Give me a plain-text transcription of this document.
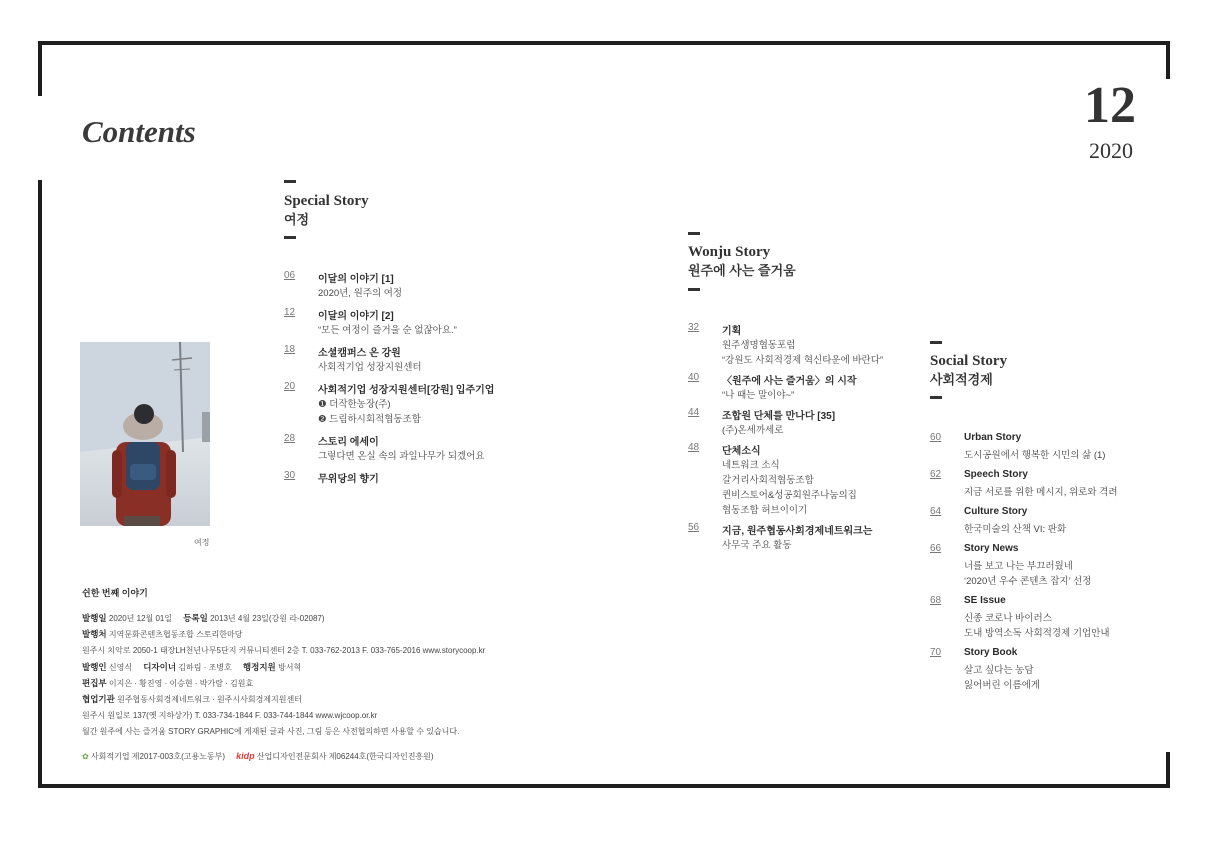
Contents	12
2020
Special Story
여정
06 이달의 이야기 [1]
2020년, 원주의 여정
12 이달의 이야기 [2]
“모든 여정이 즐거울 순 없잖아요.”
18 소셜캠퍼스 온 강원
사회적기업 성장지원센터
20 사회적기업 성장지원센터[강원] 입주기업
❶ 더작한농장(주)
❷ 드림하시회적협동조합
28 스토리 에세이
그렇다면 온실 속의 과일나무가 되겠어요
30 무위당의 향기
Wonju Story
원주에 사는 즐거움
32 기획
원주생명협동포럼
“강원도 사회적경제 혁신타운에 바란다”
40 〈원주에 사는 즐거움〉의 시작
“나 때는 말이야~”
44 조합원 단체를 만나다 [35]
(주)온세까세로
48 단체소식
네트워크 소식
갈거리사회적협동조합
퀸비스토어&성공회원주나눔의집
협동조합 허브이이기
56 지금, 원주협동사회경제네트워크는
사무국 주요 활동
Social Story
사회적경제
60 Urban Story
도시공원에서 행복한 시민의 삶 (1)
62 Speech Story
지금 서로를 위한 메시지, 위로와 격려
64 Culture Story
한국미술의 산책 VI: 판화
66 Story News
너를 보고 나는 부끄러웠네
‘2020년 우수 콘텐츠 잡지’ 선정
68 SE Issue
신종 코로나 바이러스
도내 방역소독 사회적경제 기업안내
70 Story Book
살고 싶다는 농담
잃어버린 이름에게
여정
쉰한 번째 이야기
발행일 2020년 12월 01일 등록일 2013년 4월 23일(강원 라-02087)
발행처 지역문화콘텐츠협동조합 스토리한마당
원주시 치악로 2050-1 태장LH천년나무5단지 커뮤니티센터 2층 T. 033-762-2013 F. 033-765-2016 www.storycoop.kr
발행인 신영식 디자이너 김하림 · 조병호 행정지원 방서혁
편집부 이지은 · 황진영 · 이승현 · 박가람 · 김원효
협업기관 원주협동사회경제네트워크 · 원주시사회경제지원센터
원주시 원일로 137(옛 지하상가) T. 033-734-1844 F. 033-744-1844 www.wjcoop.or.kr
월간 원주에 사는 즐거움 STORY GRAPHIC에 게재된 글과 사진, 그림 등은 사전협의하면 사용할 수 있습니다.
✿ 사회적기업 제2017-003호(고용노동부) kidp 산업디자인전문회사 제06244호(한국디자인진흥원)
